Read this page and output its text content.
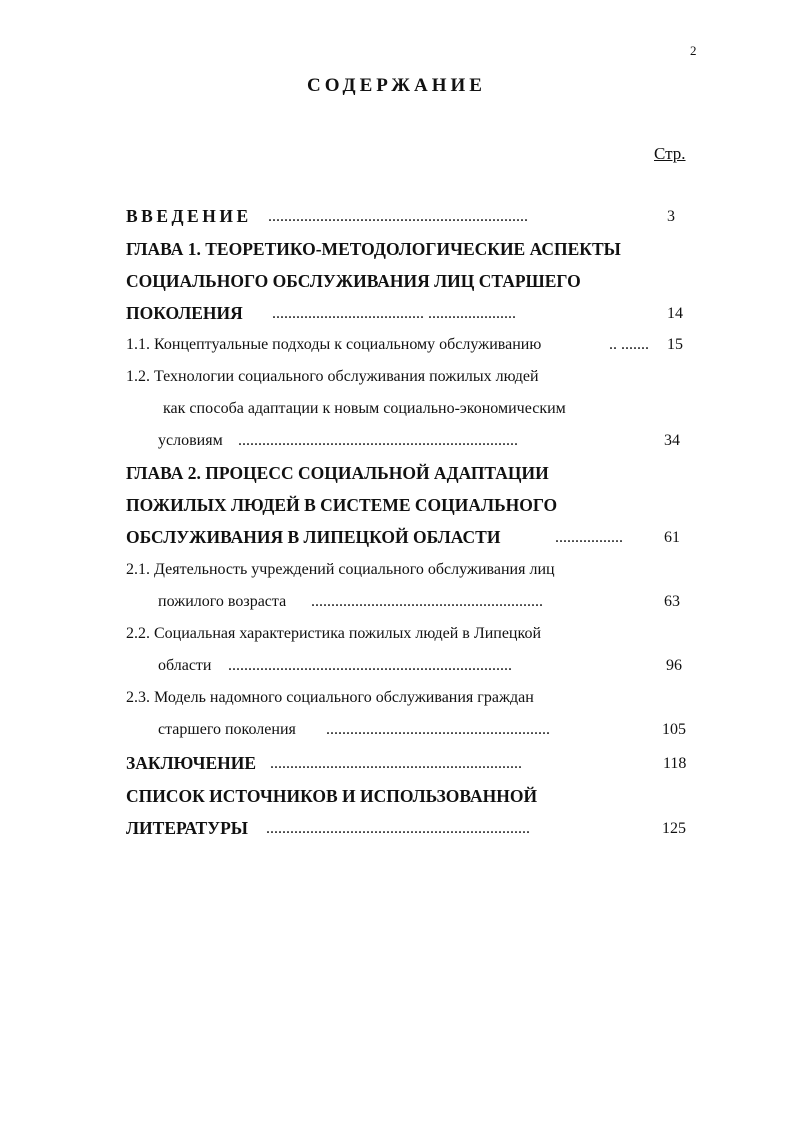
2
СОДЕРЖАНИЕ
Стр.
ВВЕДЕНИЕ .................................................................	3
ГЛАВА 1. ТЕОРЕТИКО-МЕТОДОЛОГИЧЕСКИЕ АСПЕКТЫ
СОЦИАЛЬНОГО ОБСЛУЖИВАНИЯ ЛИЦ СТАРШЕГО
ПОКОЛЕНИЯ ...................................... ......................	14
1.1. Концептуальные подходы к социальному обслуживанию	.. ....... 15
1.2. Технологии социального обслуживания пожилых людей
как способа адаптации к новым социально-экономическим
условиям ......................................................................	34
ГЛАВА 2. ПРОЦЕСС СОЦИАЛЬНОЙ АДАПТАЦИИ
ПОЖИЛЫХ ЛЮДЕЙ В СИСТЕМЕ СОЦИАЛЬНОГО
ОБСЛУЖИВАНИЯ В ЛИПЕЦКОЙ ОБЛАСТИ	.................	61
2.1. Деятельность учреждений социального обслуживания лиц
пожилого возраста ..........................................................	63
2.2. Социальная характеристика пожилых людей в Липецкой
области .......................................................................	96
2.3. Модель надомного социального обслуживания граждан
старшего поколения ........................................................	105
ЗАКЛЮЧЕНИЕ ...............................................................	118
СПИСОК ИСТОЧНИКОВ И ИСПОЛЬЗОВАННОЙ
ЛИТЕРАТУРЫ ..................................................................	125
